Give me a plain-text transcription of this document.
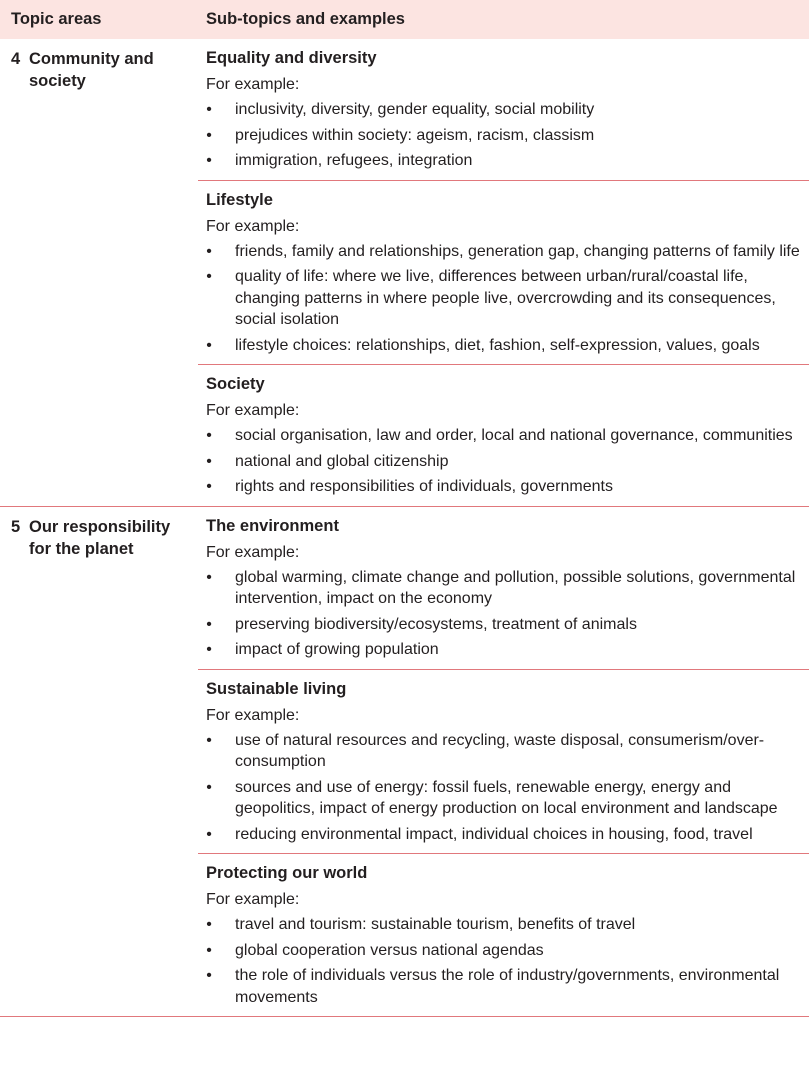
Topic areas	Sub-topics and examples
4 Community and society
Equality and diversity
For example:
• inclusivity, diversity, gender equality, social mobility
• prejudices within society: ageism, racism, classism
• immigration, refugees, integration
Lifestyle
For example:
• friends, family and relationships, generation gap, changing patterns of family life
• quality of life: where we live, differences between urban/rural/coastal life, changing patterns in where people live, overcrowding and its consequences, social isolation
• lifestyle choices: relationships, diet, fashion, self-expression, values, goals
Society
For example:
• social organisation, law and order, local and national governance, communities
• national and global citizenship
• rights and responsibilities of individuals, governments
5 Our responsibility for the planet
The environment
For example:
• global warming, climate change and pollution, possible solutions, governmental intervention, impact on the economy
• preserving biodiversity/ecosystems, treatment of animals
• impact of growing population
Sustainable living
For example:
• use of natural resources and recycling, waste disposal, consumerism/over-consumption
• sources and use of energy: fossil fuels, renewable energy, energy and geopolitics, impact of energy production on local environment and landscape
• reducing environmental impact, individual choices in housing, food, travel
Protecting our world
For example:
• travel and tourism: sustainable tourism, benefits of travel
• global cooperation versus national agendas
• the role of individuals versus the role of industry/governments, environmental movements
